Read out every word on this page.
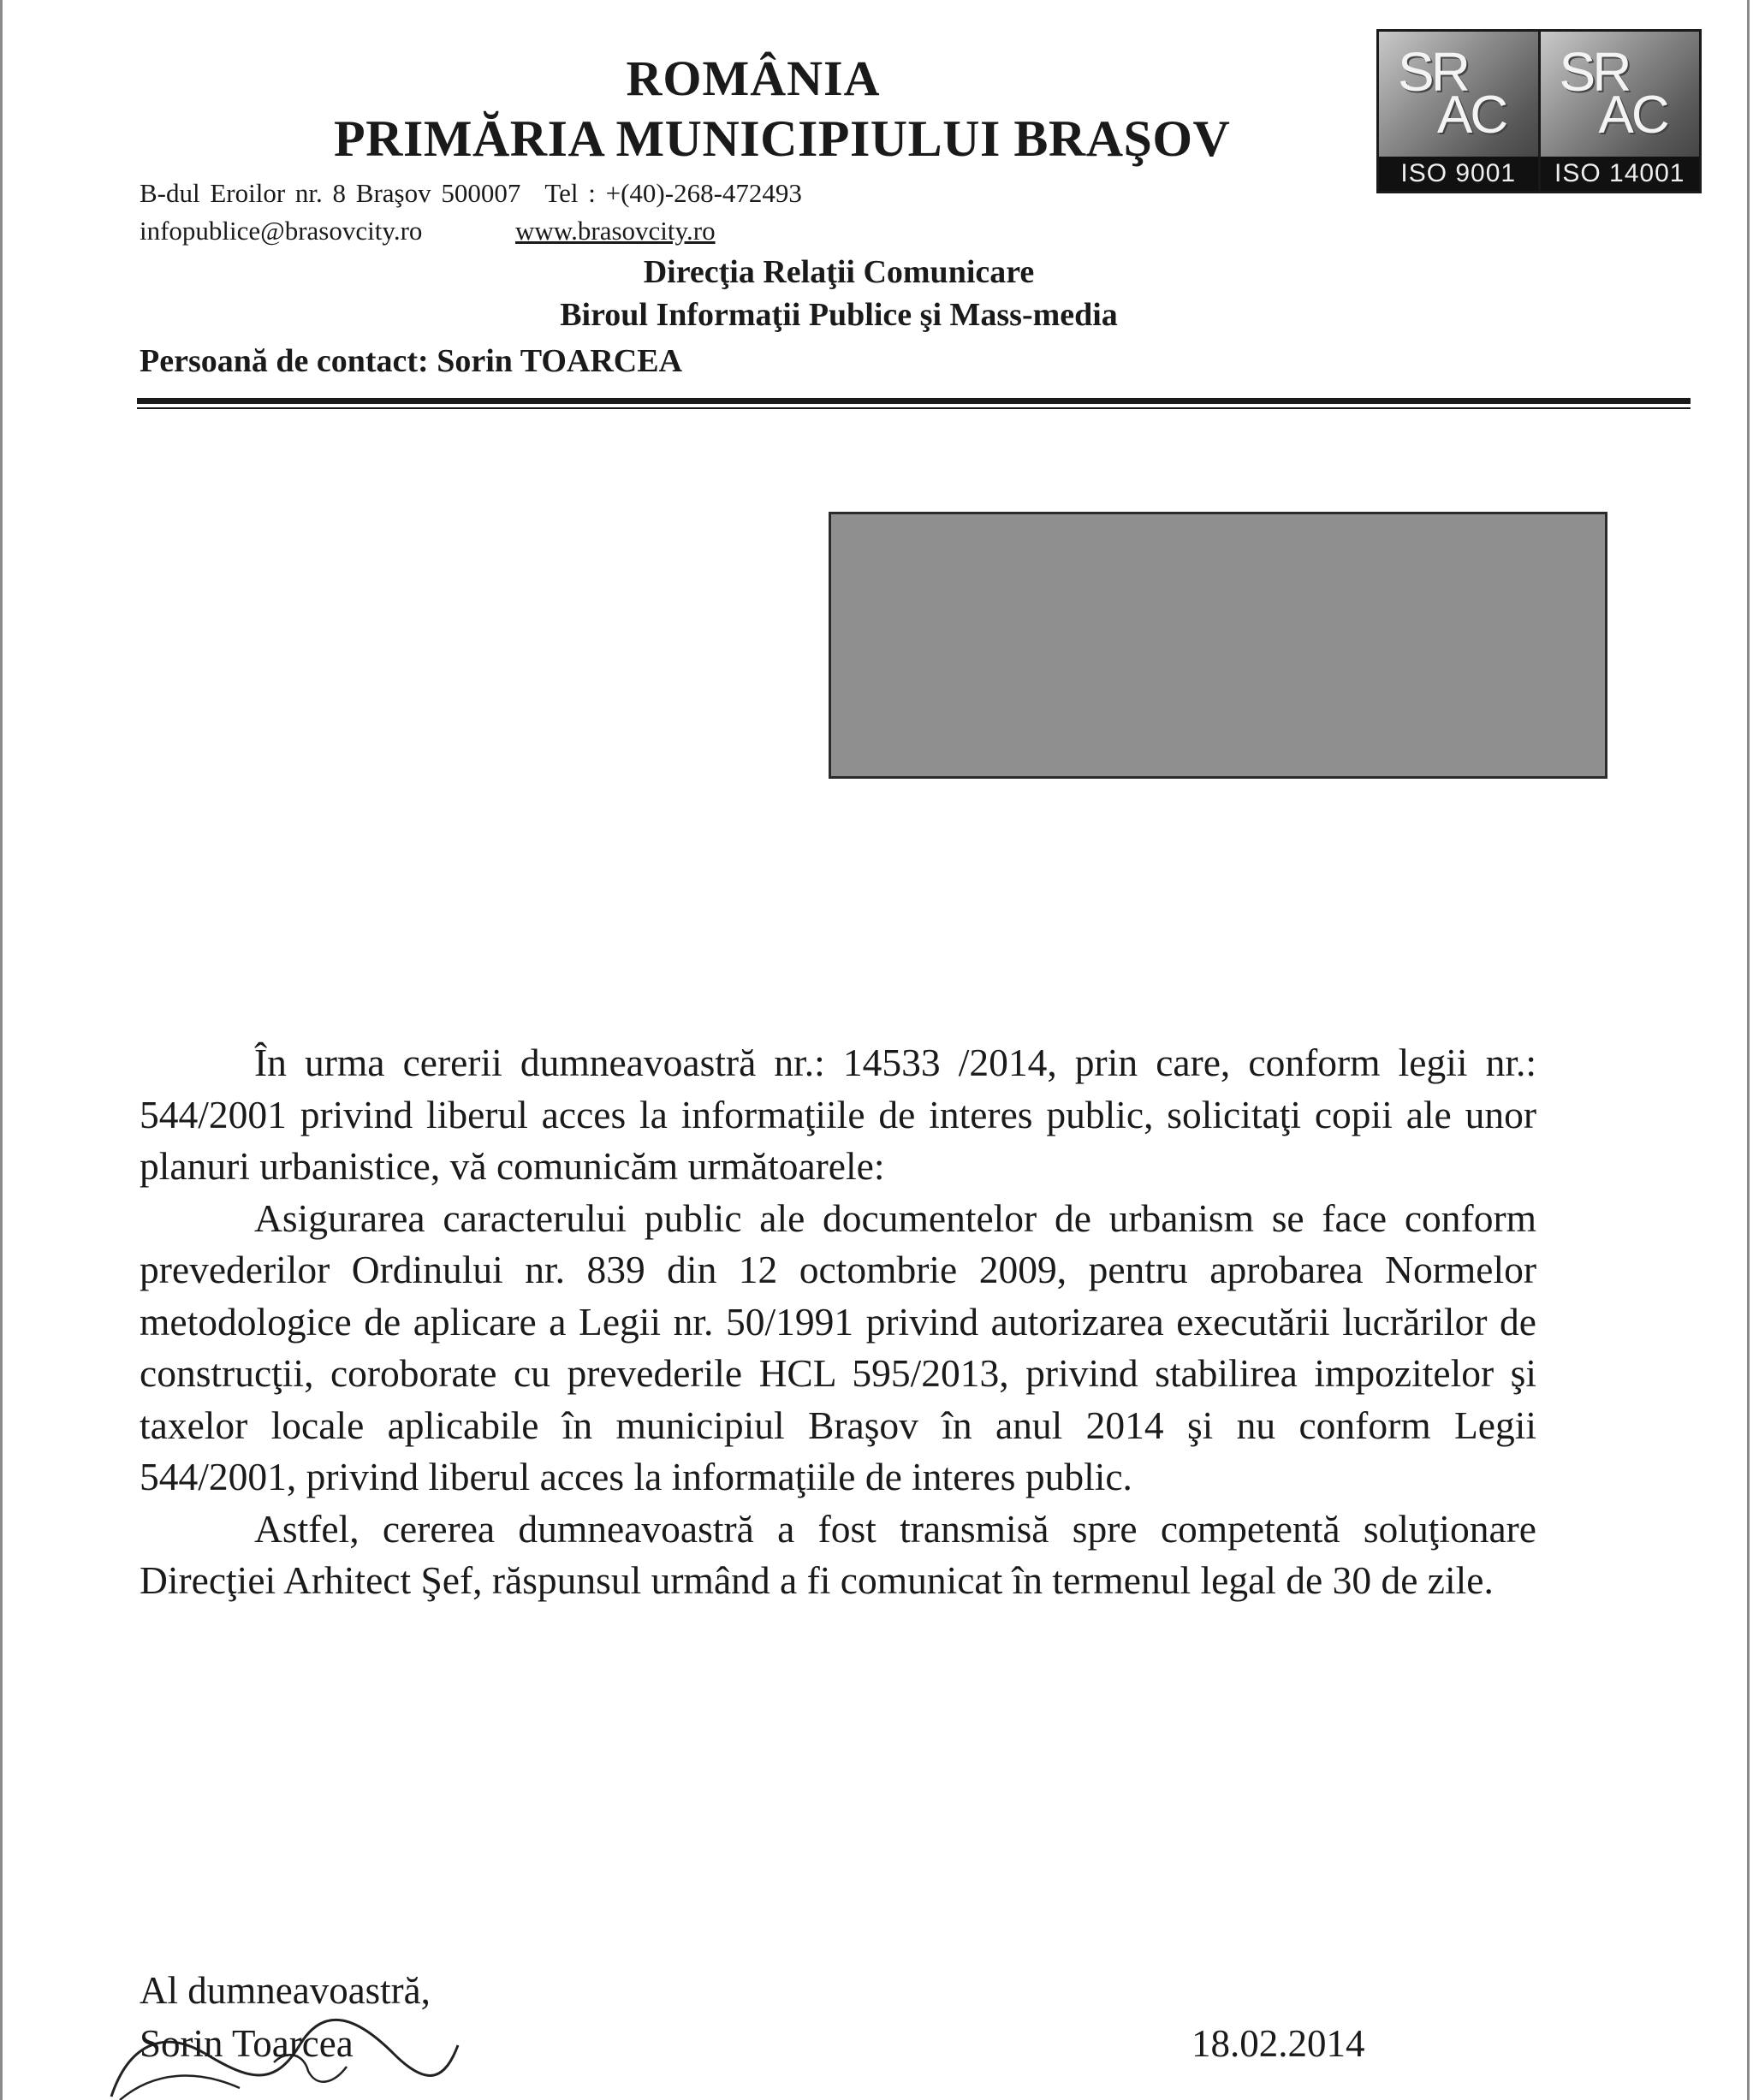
ROMÂNIA
PRIMĂRIA MUNICIPIULUI BRAŞOV
B-dul Eroilor nr. 8 Braşov 500007 Tel : +(40)-268-472493
infopublice@brasovcity.ro	www.brasovcity.ro
Direcţia Relaţii Comunicare
Biroul Informaţii Publice şi Mass-media
Persoană de contact: Sorin TOARCEA
SR
AC
ISO 9001
SR
AC
ISO 14001

În urma cererii dumneavoastră nr.: 14533 /2014, prin care, conform legii nr.: 544/2001 privind liberul acces la informaţiile de interes public, solicitaţi copii ale unor planuri urbanistice, vă comunicăm următoarele:

Asigurarea caracterului public ale documentelor de urbanism se face conform prevederilor Ordinului nr. 839 din 12 octombrie 2009, pentru aprobarea Normelor metodologice de aplicare a Legii nr. 50/1991 privind autorizarea executării lucrărilor de construcţii, coroborate cu prevederile HCL 595/2013, privind stabilirea impozitelor şi taxelor locale aplicabile în municipiul Braşov în anul 2014 şi nu conform Legii 544/2001, privind liberul acces la informaţiile de interes public.

Astfel, cererea dumneavoastră a fost transmisă spre competentă soluţionare Direcţiei Arhitect Şef, răspunsul urmând a fi comunicat în termenul legal de 30 de zile.

Al dumneavoastră,
Sorin Toarcea	18.02.2014
